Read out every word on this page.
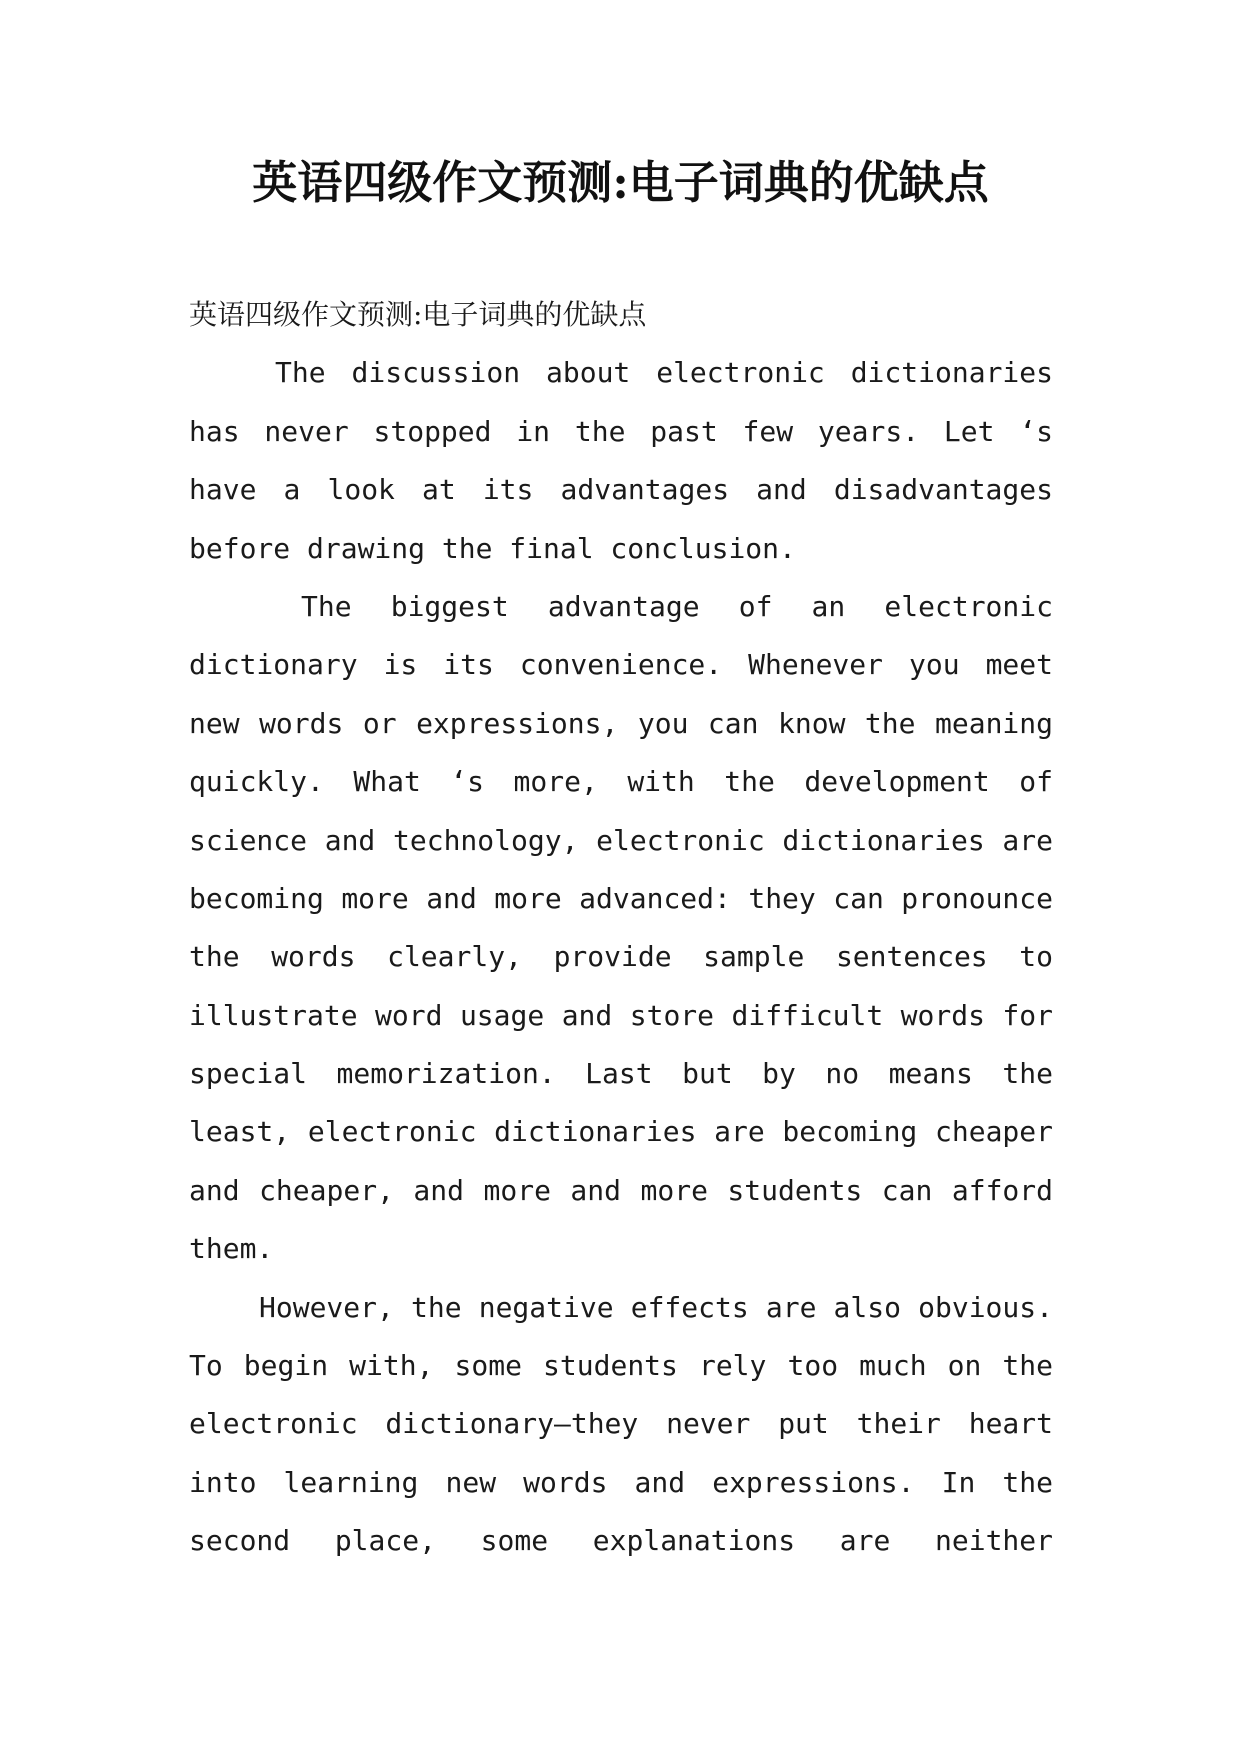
英语四级作文预测:电子词典的优缺点

英语四级作文预测:电子词典的优缺点

The discussion about electronic dictionaries

has never stopped in the past few years. Let ‘s

have a look at its advantages and disadvantages

before drawing the final conclusion.

The biggest advantage of an electronic

dictionary is its convenience. Whenever you meet

new words or expressions, you can know the meaning

quickly. What ‘s more, with the development of

science and technology, electronic dictionaries are

becoming more and more advanced: they can pronounce

the words clearly, provide sample sentences to

illustrate word usage and store difficult words for

special memorization. Last but by no means the

least, electronic dictionaries are becoming cheaper

and cheaper, and more and more students can afford

them.

However, the negative effects are also obvious.

To begin with, some students rely too much on the

electronic dictionary—they never put their heart

into learning new words and expressions. In the

second place, some explanations are neither
